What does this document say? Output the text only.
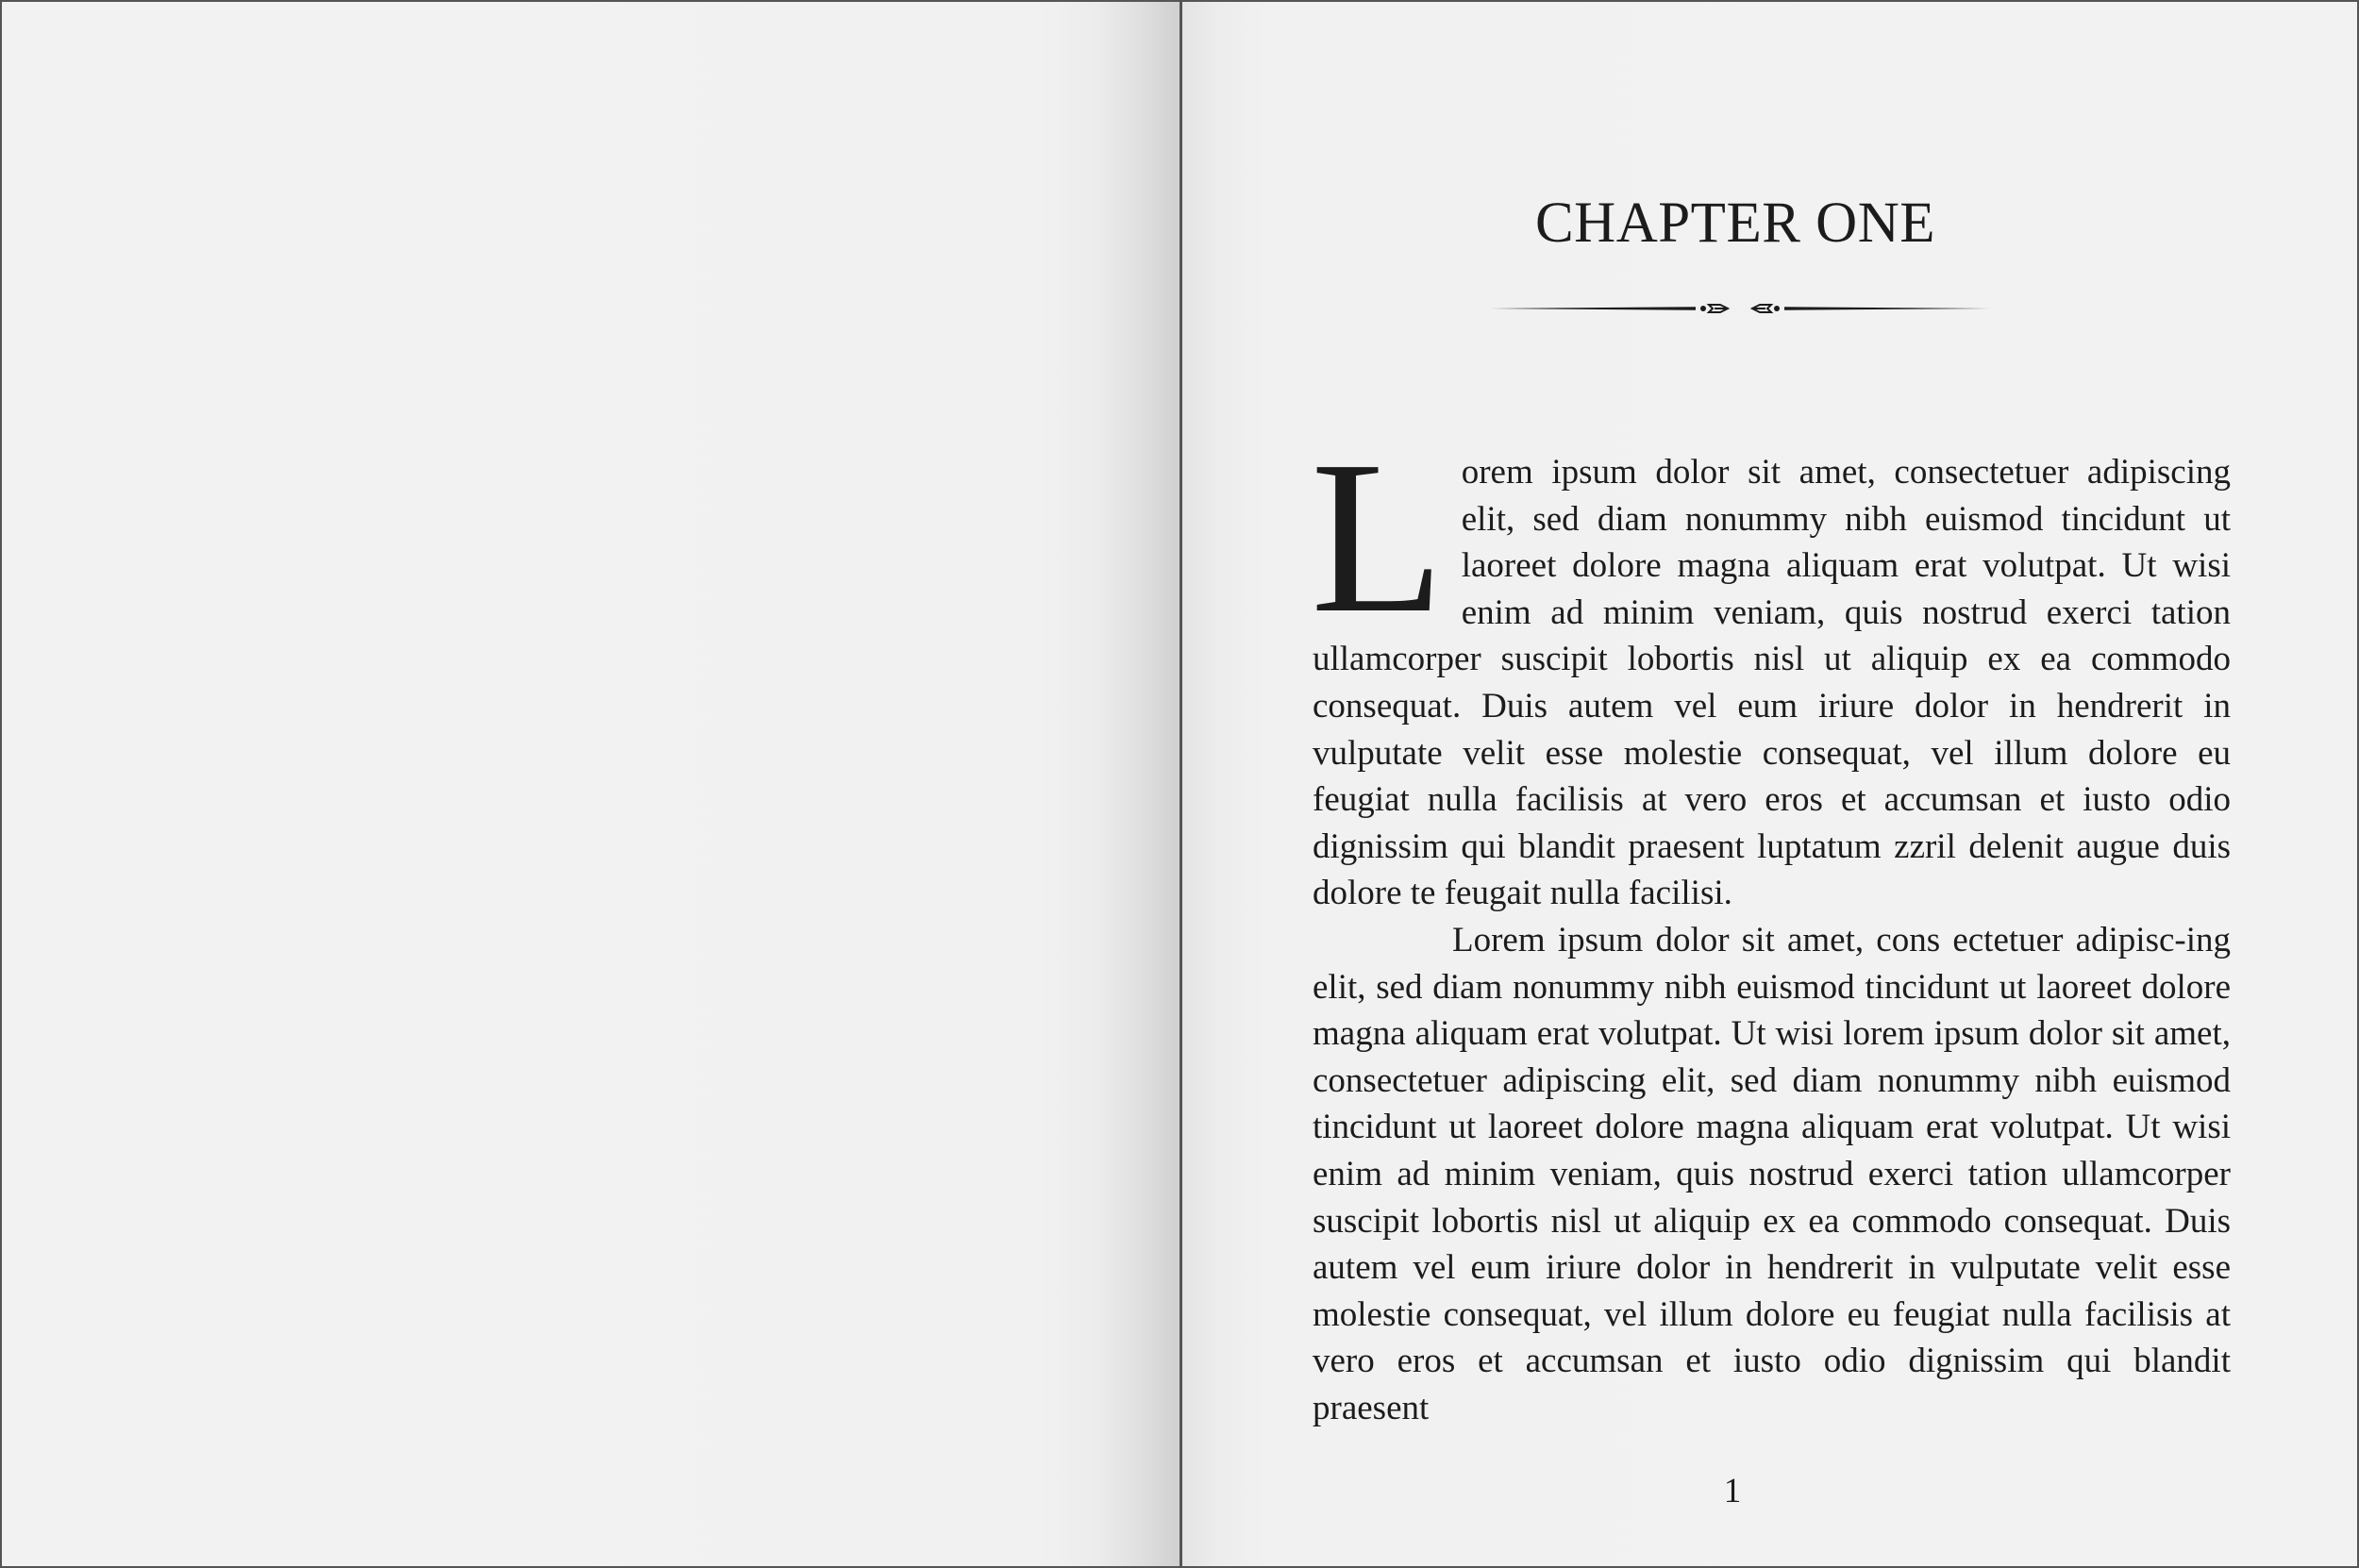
CHAPTER ONE

Lorem ipsum dolor sit amet, consectetuer adipiscing elit, sed diam nonummy nibh euismod tincidunt ut laoreet dolore magna aliquam erat volutpat. Ut wisi enim ad minim veniam, quis nostrud exerci tation ullamcorper suscipit lobortis nisl ut aliquip ex ea commodo consequat. Duis autem vel eum iriure dolor in hendrerit in vulputate velit esse molestie consequat, vel illum dolore eu feugiat nulla facilisis at vero eros et accumsan et iusto odio dignissim qui blandit praesent luptatum zzril delenit augue duis dolore te feugait nulla facilisi.

Lorem ipsum dolor sit amet, cons ectetuer adipisc-ing elit, sed diam nonummy nibh euismod tincidunt ut laoreet dolore magna aliquam erat volutpat. Ut wisi lorem ipsum dolor sit amet, consectetuer adipiscing elit, sed diam nonummy nibh euismod tincidunt ut laoreet dolore magna aliquam erat volutpat. Ut wisi enim ad minim veniam, quis nostrud exerci tation ullamcorper suscipit lobortis nisl ut aliquip ex ea commodo consequat. Duis autem vel eum iriure dolor in hendrerit in vulputate velit esse molestie consequat, vel illum dolore eu feugiat nulla facilisis at vero eros et accumsan et iusto odio dignissim qui blandit praesent

1
